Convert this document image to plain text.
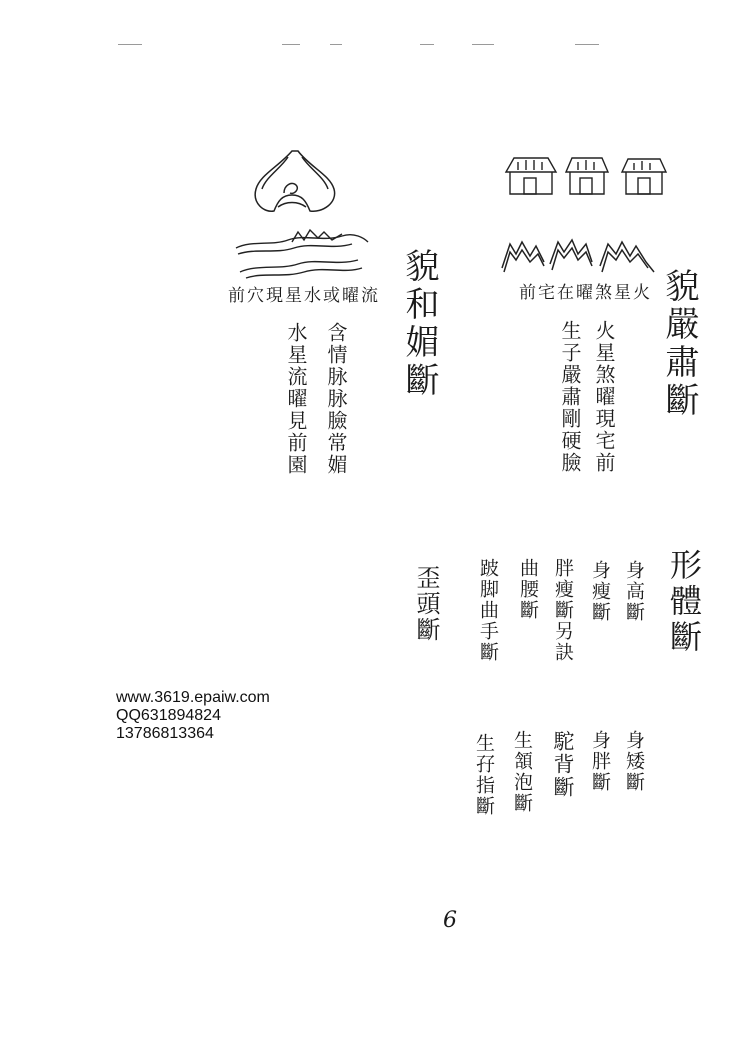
貌嚴肅斷
火星煞曜在宅前
火星煞曜現宅前
生子嚴肅剛硬臉
貌和媚斷
流曜或水星現穴前
含情脉脉臉常媚
水星流曜見前園
形體斷
身高斷
身瘦斷
胖瘦斷另訣
曲腰斷
跛脚曲手斷
歪頭斷
身矮斷
身胖斷
駝背斷
生頷泡斷
生孖指斷
www.3619.epaiw.com
QQ631894824
13786813364
6
